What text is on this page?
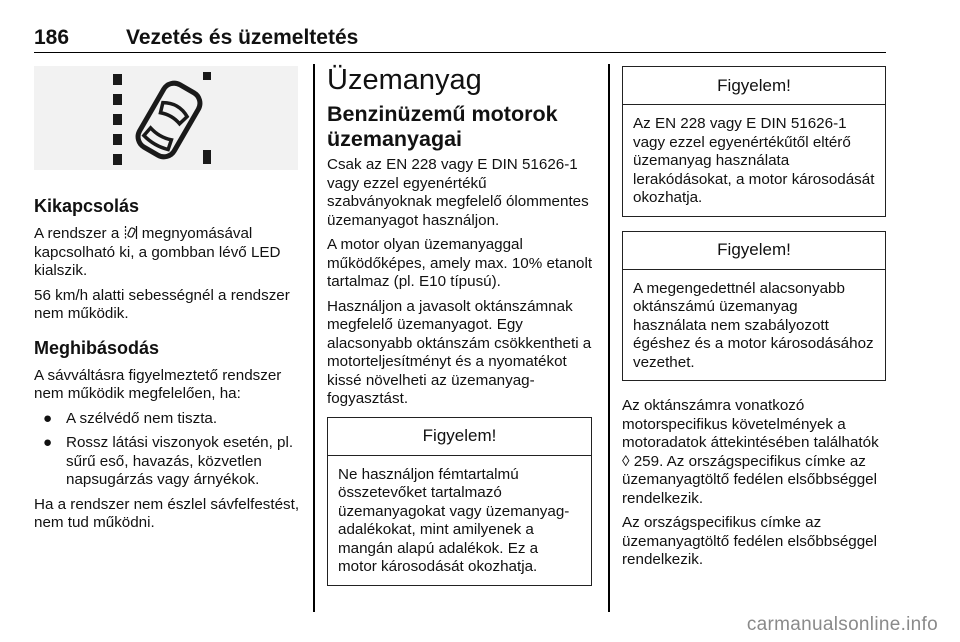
186	Vezetés és üzemeltetés
Kikapcsolás

A rendszer a  megnyomásával kapcsolható ki, a gombban lévő LED kialszik.

56 km/h alatti sebességnél a rendszer nem működik.

Meghibásodás

A sávváltásra figyelmeztető rendszer nem működik megfelelően, ha:

● A szélvédő nem tiszta.
● Rossz látási viszonyok esetén, pl. sűrű eső, havazás, közvetlen napsugárzás vagy árnyékok.

Ha a rendszer nem észlel sávfelfestést, nem tud működni.

Üzemanyag
Benzinüzemű motorok üzemanyagai

Csak az EN 228 vagy E DIN 51626-1 vagy ezzel egyenértékű szabványoknak megfelelő ólommentes üzemanyagot használjon.

A motor olyan üzemanyaggal működőképes, amely max. 10% etanolt tartalmaz (pl. E10 típusú).

Használjon a javasolt oktánszámnak megfelelő üzemanyagot. Egy alacsonyabb oktánszám csökkentheti a motorteljesítményt és a nyomatékot kissé növelheti az üzemanyag-fogyasztást.

Figyelem!
Ne használjon fémtartalmú összetevőket tartalmazó üzemanyagokat vagy üzemanyag-adalékokat, mint amilyenek a mangán alapú adalékok. Ez a motor károsodását okozhatja.
Figyelem!
Az EN 228 vagy E DIN 51626-1 vagy ezzel egyenértékűtől eltérő üzemanyag használata lerakódásokat, a motor károsodását okozhatja.
Figyelem!
A megengedettnél alacsonyabb oktánszámú üzemanyag használata nem szabályozott égéshez és a motor károsodásához vezethet.

Az oktánszámra vonatkozó motorspecifikus követelmények a motoradatok áttekintésében találhatók ◊ 259. Az országspecifikus címke az üzemanyagtöltő fedélen elsőbbséggel rendelkezik.

Az országspecifikus címke az üzemanyagtöltő fedélen elsőbbséggel rendelkezik.

carmanualsonline.info
